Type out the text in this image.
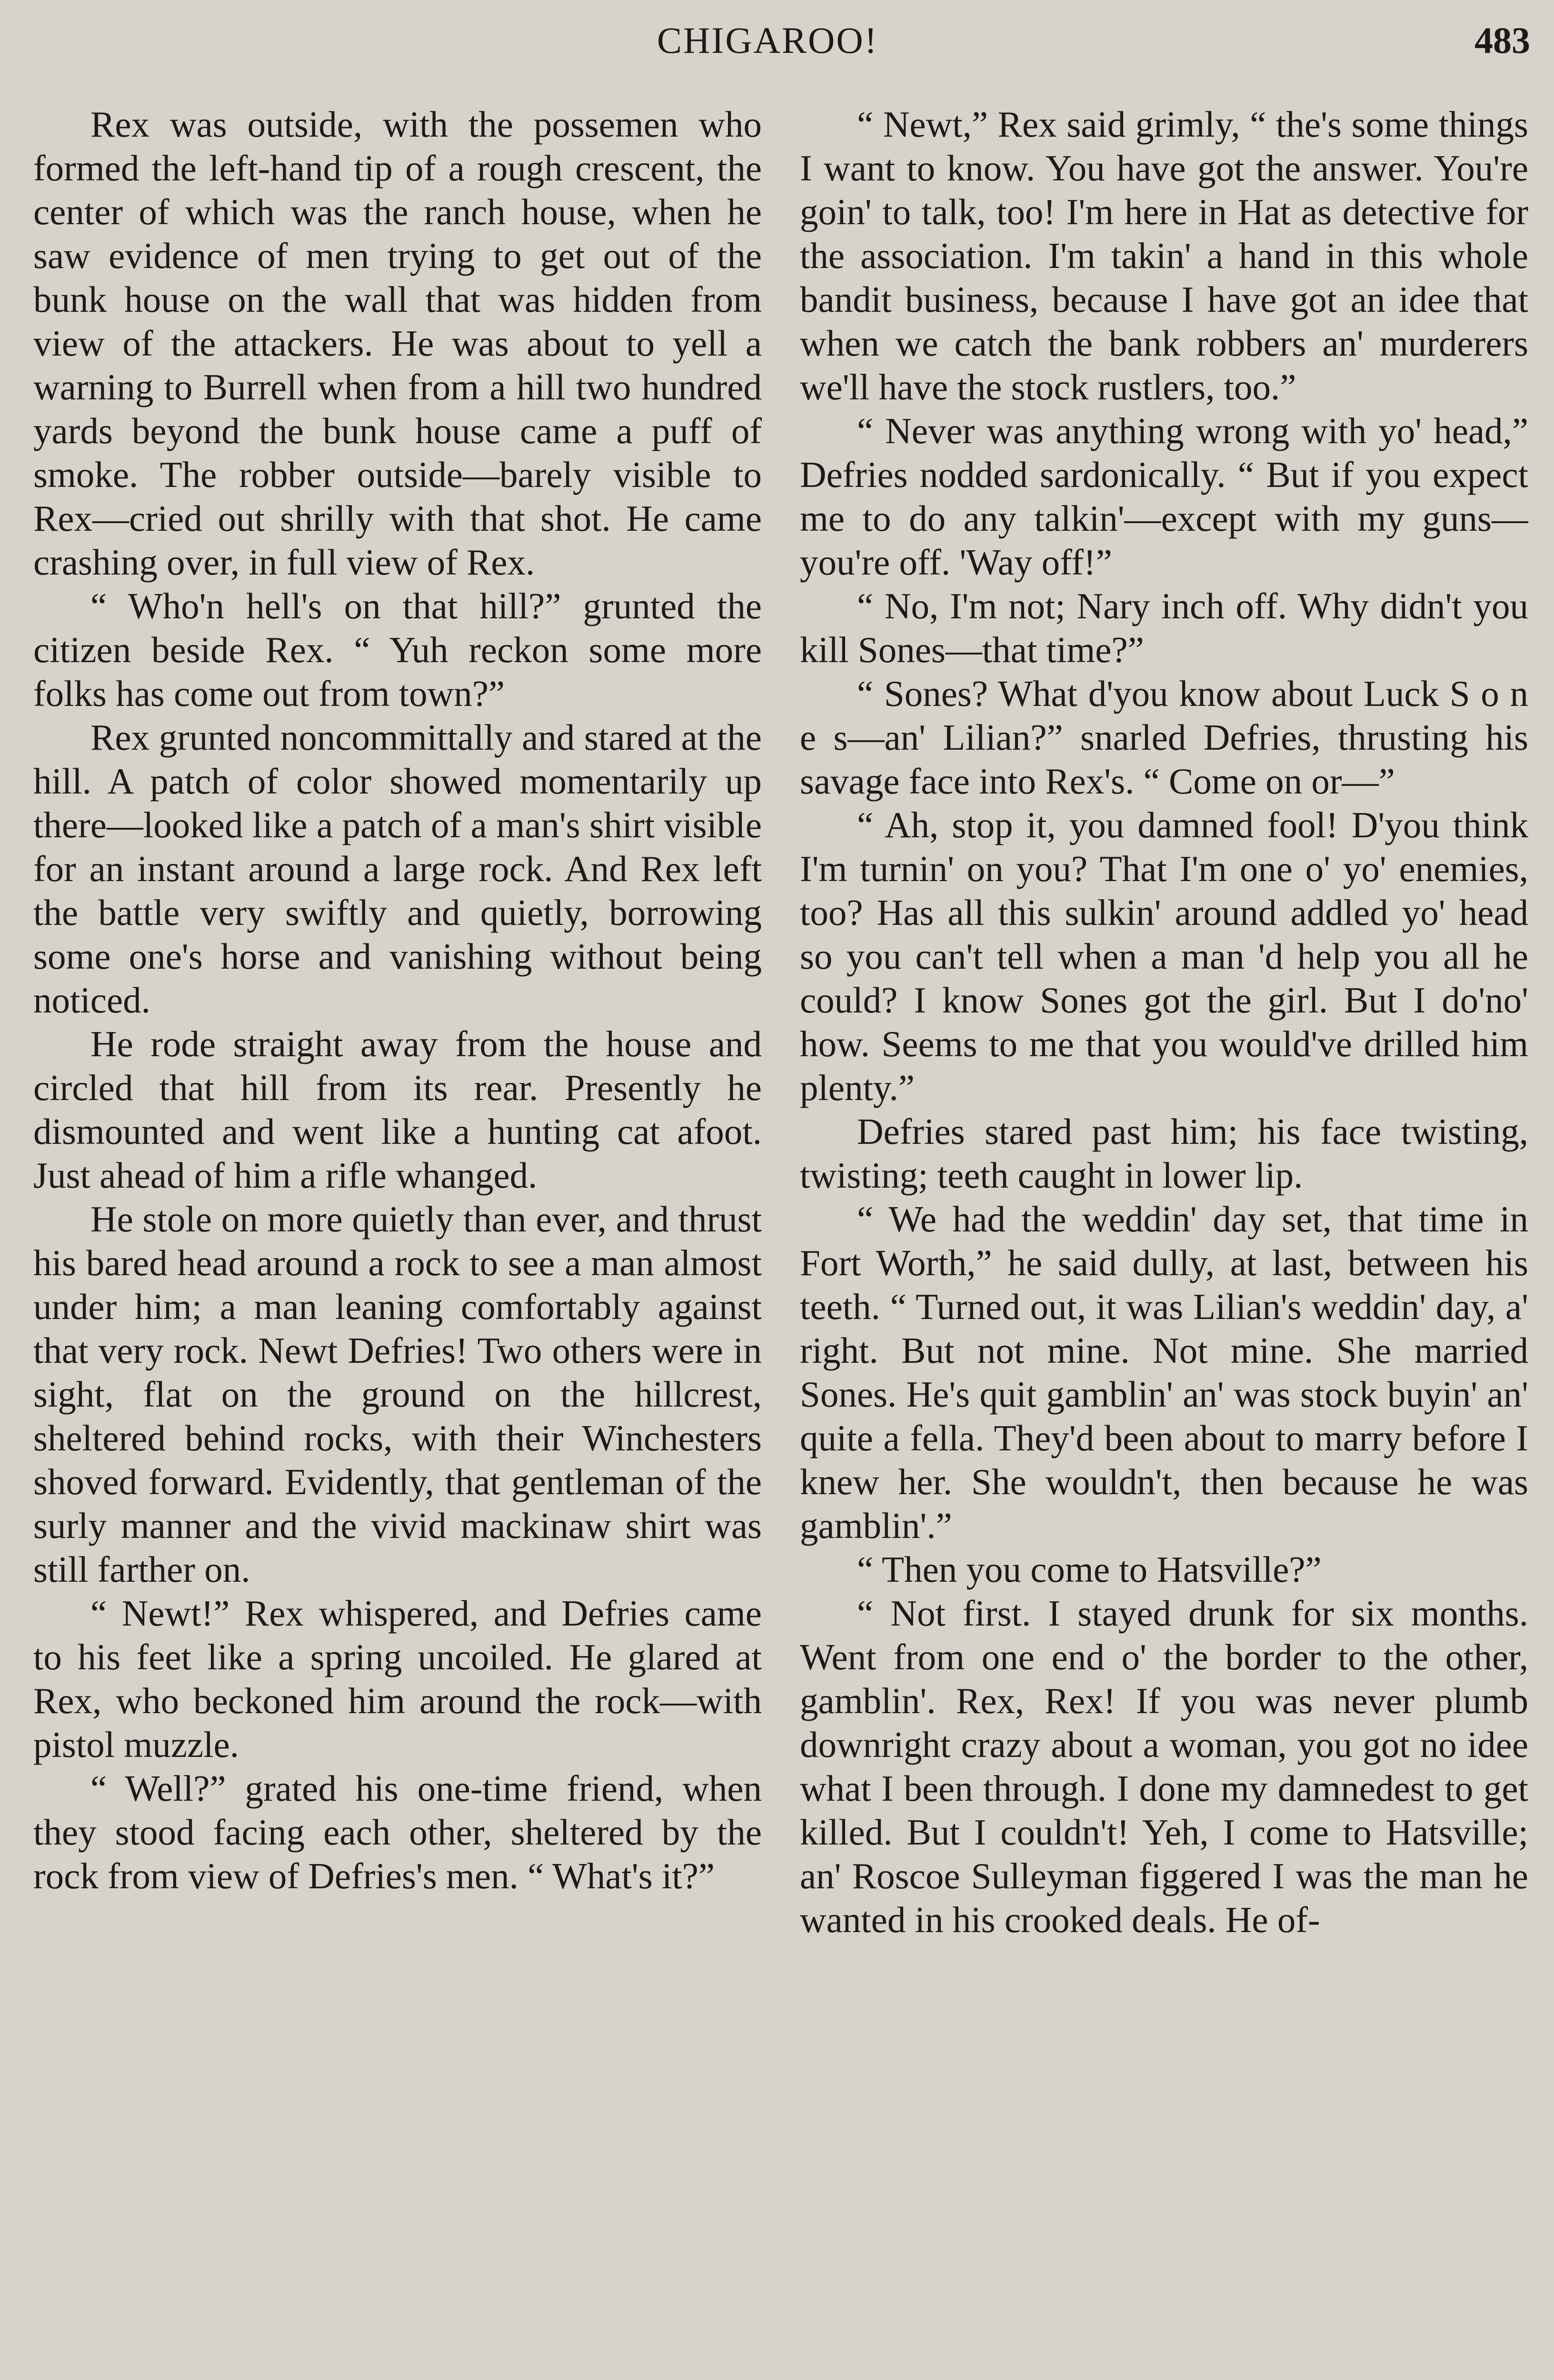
CHIGAROO!	483

Rex was outside, with the possemen who formed the left-hand tip of a rough crescent, the center of which was the ranch house, when he saw evidence of men trying to get out of the bunk house on the wall that was hidden from view of the attackers. He was about to yell a warning to Burrell when from a hill two hundred yards beyond the bunk house came a puff of smoke. The robber outside—barely visible to Rex—cried out shrilly with that shot. He came crashing over, in full view of Rex.

“ Who'n hell's on that hill?” grunted the citizen beside Rex. “ Yuh reckon some more folks has come out from town?”

Rex grunted noncommittally and stared at the hill. A patch of color showed momentarily up there—looked like a patch of a man's shirt visible for an instant around a large rock. And Rex left the battle very swiftly and quietly, borrowing some one's horse and vanishing without being noticed.

He rode straight away from the house and circled that hill from its rear. Presently he dismounted and went like a hunting cat afoot. Just ahead of him a rifle whanged.

He stole on more quietly than ever, and thrust his bared head around a rock to see a man almost under him; a man leaning comfortably against that very rock. Newt Defries! Two others were in sight, flat on the ground on the hillcrest, sheltered behind rocks, with their Winchesters shoved forward. Evidently, that gentleman of the surly manner and the vivid mackinaw shirt was still farther on.

“ Newt!” Rex whispered, and Defries came to his feet like a spring uncoiled. He glared at Rex, who beckoned him around the rock—with pistol muzzle.

“ Well?” grated his one-time friend, when they stood facing each other, sheltered by the rock from view of Defries's men. “ What's it?”

“ Newt,” Rex said grimly, “ the's some things I want to know. You have got the answer. You're goin' to talk, too! I'm here in Hat as detective for the association. I'm takin' a hand in this whole bandit business, because I have got an idee that when we catch the bank robbers an' murderers we'll have the stock rustlers, too.”

“ Never was anything wrong with yo' head,” Defries nodded sardonically. “ But if you expect me to do any talkin'—except with my guns—you're off. 'Way off!”

“ No, I'm not; Nary inch off. Why didn't you kill Sones—that time?”

“ Sones? What d'you know about Luck S o n e s—an' Lilian?” snarled Defries, thrusting his savage face into Rex's. “ Come on or—”

“ Ah, stop it, you damned fool! D'you think I'm turnin' on you? That I'm one o' yo' enemies, too? Has all this sulkin' around addled yo' head so you can't tell when a man 'd help you all he could? I know Sones got the girl. But I do'no' how. Seems to me that you would've drilled him plenty.”

Defries stared past him; his face twisting, twisting; teeth caught in lower lip.

“ We had the weddin' day set, that time in Fort Worth,” he said dully, at last, between his teeth. “ Turned out, it was Lilian's weddin' day, a' right. But not mine. Not mine. She married Sones. He's quit gamblin' an' was stock buyin' an' quite a fella. They'd been about to marry before I knew her. She wouldn't, then because he was gamblin'.”

“ Then you come to Hatsville?”

“ Not first. I stayed drunk for six months. Went from one end o' the border to the other, gamblin'. Rex, Rex! If you was never plumb downright crazy about a woman, you got no idee what I been through. I done my damnedest to get killed. But I couldn't! Yeh, I come to Hatsville; an' Roscoe Sulleyman figgered I was the man he wanted in his crooked deals. He of-
